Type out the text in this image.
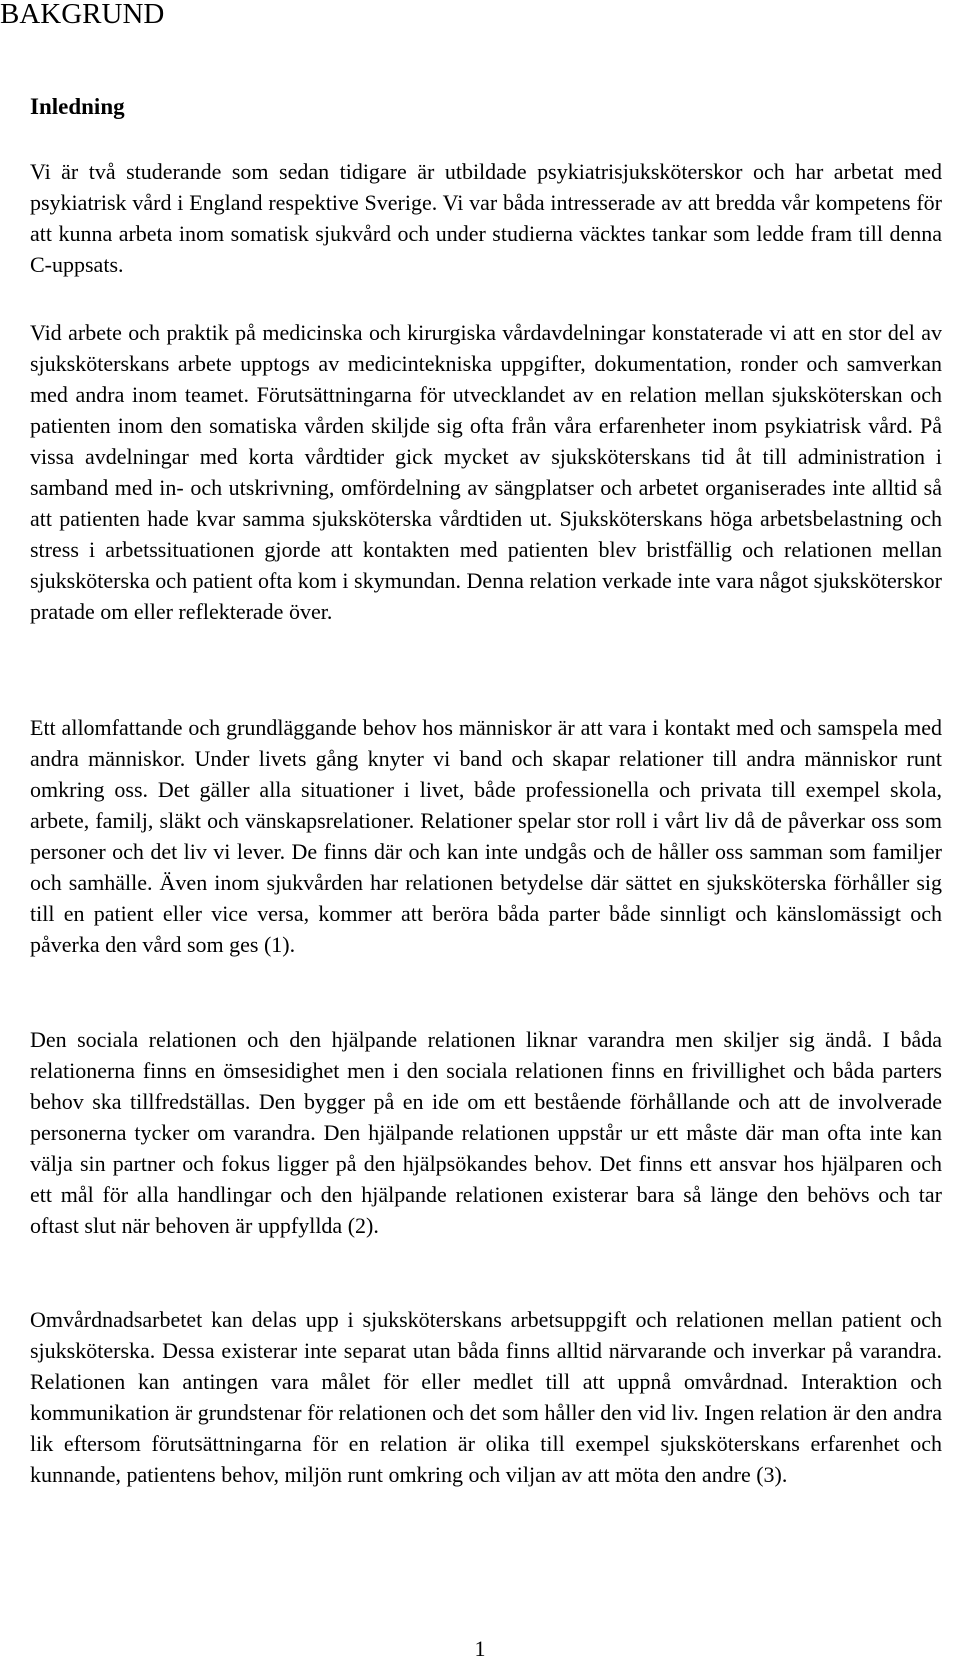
BAKGRUND
Inledning

Vi är två studerande som sedan tidigare är utbildade psykiatrisjuksköterskor och har arbetat med psykiatrisk vård i England respektive Sverige. Vi var båda intresserade av att bredda vår kompetens för att kunna arbeta inom somatisk sjukvård och under studierna väcktes tankar som ledde fram till denna C-uppsats.

Vid arbete och praktik på medicinska och kirurgiska vårdavdelningar konstaterade vi att en stor del av sjuksköterskans arbete upptogs av medicintekniska uppgifter, dokumentation, ronder och samverkan med andra inom teamet. Förutsättningarna för utvecklandet av en relation mellan sjuksköterskan och patienten inom den somatiska vården skiljde sig ofta från våra erfarenheter inom psykiatrisk vård. På vissa avdelningar med korta vårdtider gick mycket av sjuksköterskans tid åt till administration i samband med in- och utskrivning, omfördelning av sängplatser och arbetet organiserades inte alltid så att patienten hade kvar samma sjuksköterska vårdtiden ut. Sjuksköterskans höga arbetsbelastning och stress i arbetssituationen gjorde att kontakten med patienten blev bristfällig och relationen mellan sjuksköterska och patient ofta kom i skymundan. Denna relation verkade inte vara något sjuksköterskor pratade om eller reflekterade över.

Ett allomfattande och grundläggande behov hos människor är att vara i kontakt med och samspela med andra människor. Under livets gång knyter vi band och skapar relationer till andra människor runt omkring oss. Det gäller alla situationer i livet, både professionella och privata till exempel skola, arbete, familj, släkt och vänskapsrelationer. Relationer spelar stor roll i vårt liv då de påverkar oss som personer och det liv vi lever. De finns där och kan inte undgås och de håller oss samman som familjer och samhälle. Även inom sjukvården har relationen betydelse där sättet en sjuksköterska förhåller sig till en patient eller vice versa, kommer att beröra båda parter både sinnligt och känslomässigt och påverka den vård som ges (1).

Den sociala relationen och den hjälpande relationen liknar varandra men skiljer sig ändå. I båda relationerna finns en ömsesidighet men i den sociala relationen finns en frivillighet och båda parters behov ska tillfredställas. Den bygger på en ide om ett bestående förhållande och att de involverade personerna tycker om varandra. Den hjälpande relationen uppstår ur ett måste där man ofta inte kan välja sin partner och fokus ligger på den hjälpsökandes behov. Det finns ett ansvar hos hjälparen och ett mål för alla handlingar och den hjälpande relationen existerar bara så länge den behövs och tar oftast slut när behoven är uppfyllda (2).

Omvårdnadsarbetet kan delas upp i sjuksköterskans arbetsuppgift och relationen mellan patient och sjuksköterska. Dessa existerar inte separat utan båda finns alltid närvarande och inverkar på varandra. Relationen kan antingen vara målet för eller medlet till att uppnå omvårdnad. Interaktion och kommunikation är grundstenar för relationen och det som håller den vid liv. Ingen relation är den andra lik eftersom förutsättningarna för en relation är olika till exempel sjuksköterskans erfarenhet och kunnande, patientens behov, miljön runt omkring och viljan av att möta den andre (3).

1
